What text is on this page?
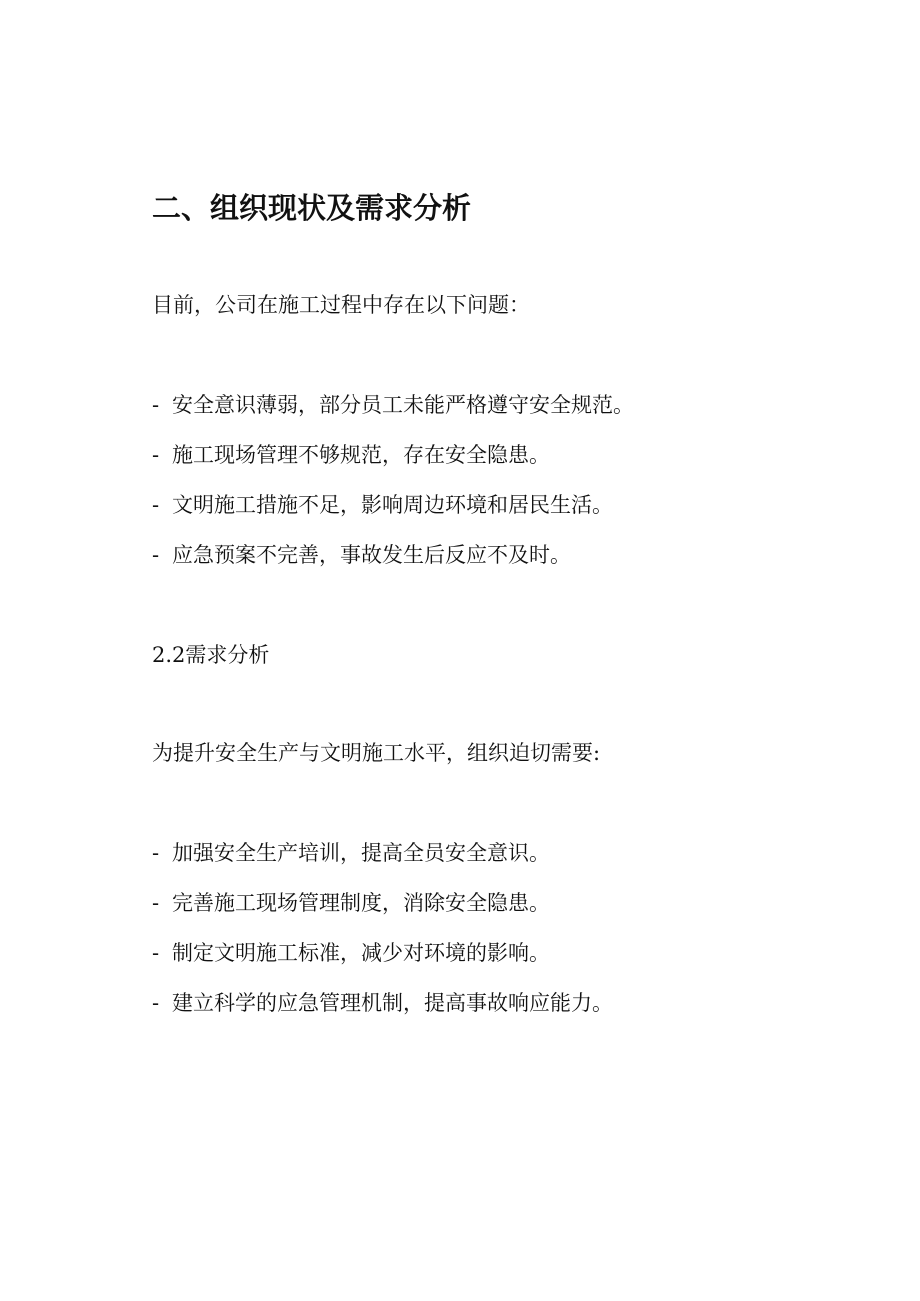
二、组织现状及需求分析
目前，公司在施工过程中存在以下问题：
- 安全意识薄弱，部分员工未能严格遵守安全规范。
- 施工现场管理不够规范，存在安全隐患。
- 文明施工措施不足，影响周边环境和居民生活。
- 应急预案不完善，事故发生后反应不及时。
2.2需求分析
为提升安全生产与文明施工水平，组织迫切需要:
- 加强安全生产培训，提高全员安全意识。
- 完善施工现场管理制度，消除安全隐患。
- 制定文明施工标准，减少对环境的影响。
- 建立科学的应急管理机制，提高事故响应能力。
